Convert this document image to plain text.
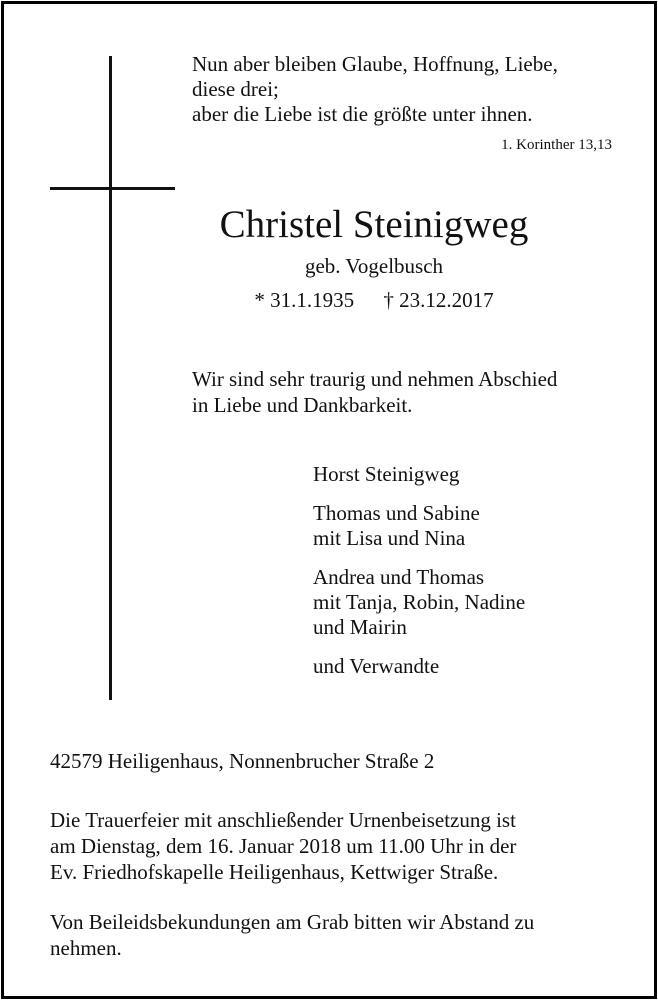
Nun aber bleiben Glaube, Hoffnung, Liebe,
diese drei;
aber die Liebe ist die größte unter ihnen.
1. Korinther 13,13
Christel Steinigweg
geb. Vogelbusch
* 31.1.1935 † 23.12.2017
Wir sind sehr traurig und nehmen Abschied
in Liebe und Dankbarkeit.
Horst Steinigweg
Thomas und Sabine
mit Lisa und Nina
Andrea und Thomas
mit Tanja, Robin, Nadine
und Mairin
und Verwandte
42579 Heiligenhaus, Nonnenbrucher Straße 2
Die Trauerfeier mit anschließender Urnenbeisetzung ist
am Dienstag, dem 16. Januar 2018 um 11.00 Uhr in der
Ev. Friedhofskapelle Heiligenhaus, Kettwiger Straße.
Von Beileidsbekundungen am Grab bitten wir Abstand zu
nehmen.
